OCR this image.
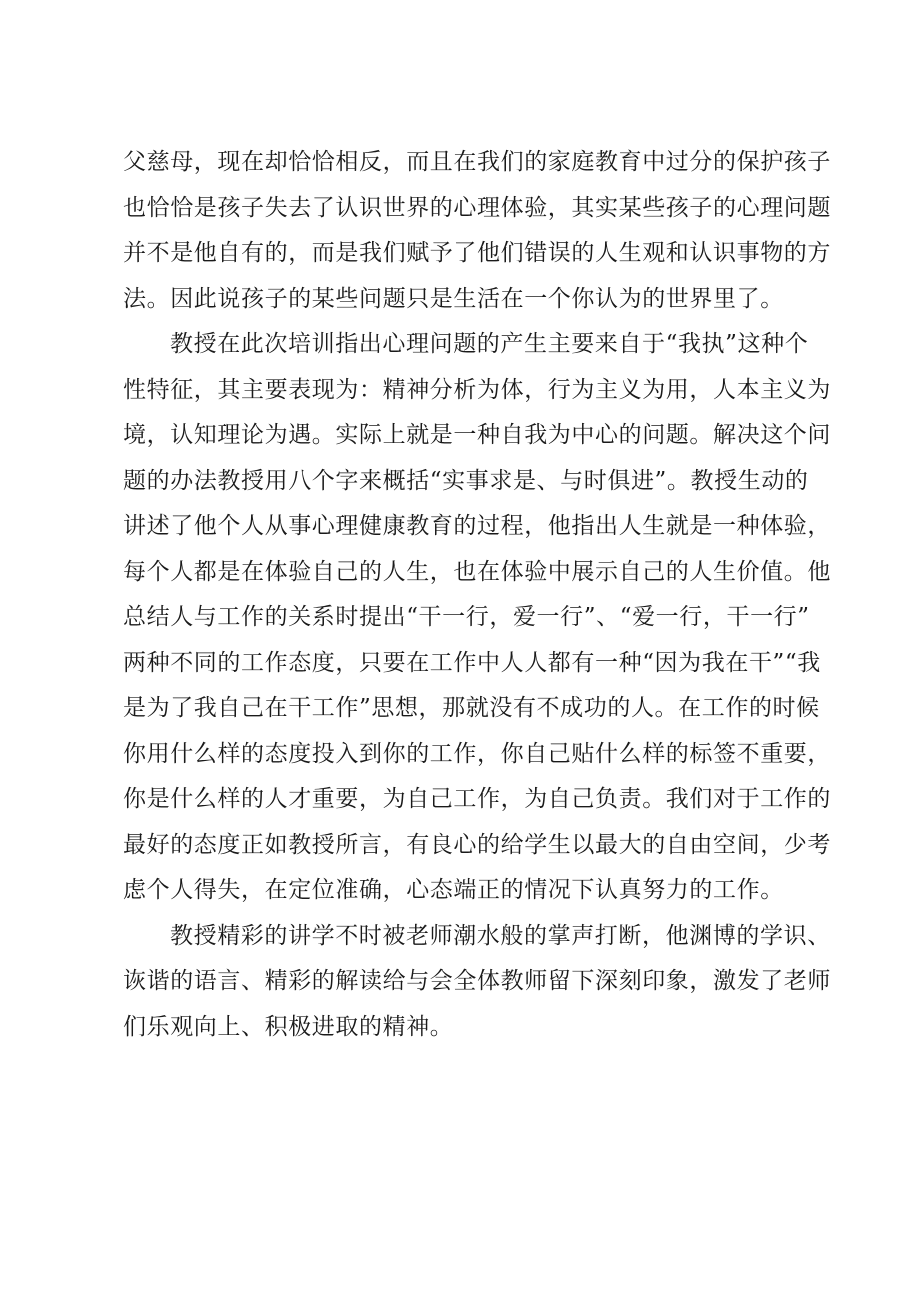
父慈母，现在却恰恰相反，而且在我们的家庭教育中过分的保护孩子
也恰恰是孩子失去了认识世界的心理体验，其实某些孩子的心理问题
并不是他自有的，而是我们赋予了他们错误的人生观和认识事物的方
法。因此说孩子的某些问题只是生活在一个你认为的世界里了。

教授在此次培训指出心理问题的产生主要来自于“我执”这种个
性特征，其主要表现为：精神分析为体，行为主义为用，人本主义为
境，认知理论为遇。实际上就是一种自我为中心的问题。解决这个问
题的办法教授用八个字来概括“实事求是、与时俱进”。教授生动的
讲述了他个人从事心理健康教育的过程，他指出人生就是一种体验，
每个人都是在体验自己的人生，也在体验中展示自己的人生价值。他
总结人与工作的关系时提出“干一行，爱一行”、“爱一行，干一行”
两种不同的工作态度，只要在工作中人人都有一种“因为我在干”“我
是为了我自己在干工作”思想，那就没有不成功的人。在工作的时候
你用什么样的态度投入到你的工作，你自己贴什么样的标签不重要，
你是什么样的人才重要，为自己工作，为自己负责。我们对于工作的
最好的态度正如教授所言，有良心的给学生以最大的自由空间，少考
虑个人得失，在定位准确，心态端正的情况下认真努力的工作。

教授精彩的讲学不时被老师潮水般的掌声打断，他渊博的学识、
诙谐的语言、精彩的解读给与会全体教师留下深刻印象，激发了老师
们乐观向上、积极进取的精神。
